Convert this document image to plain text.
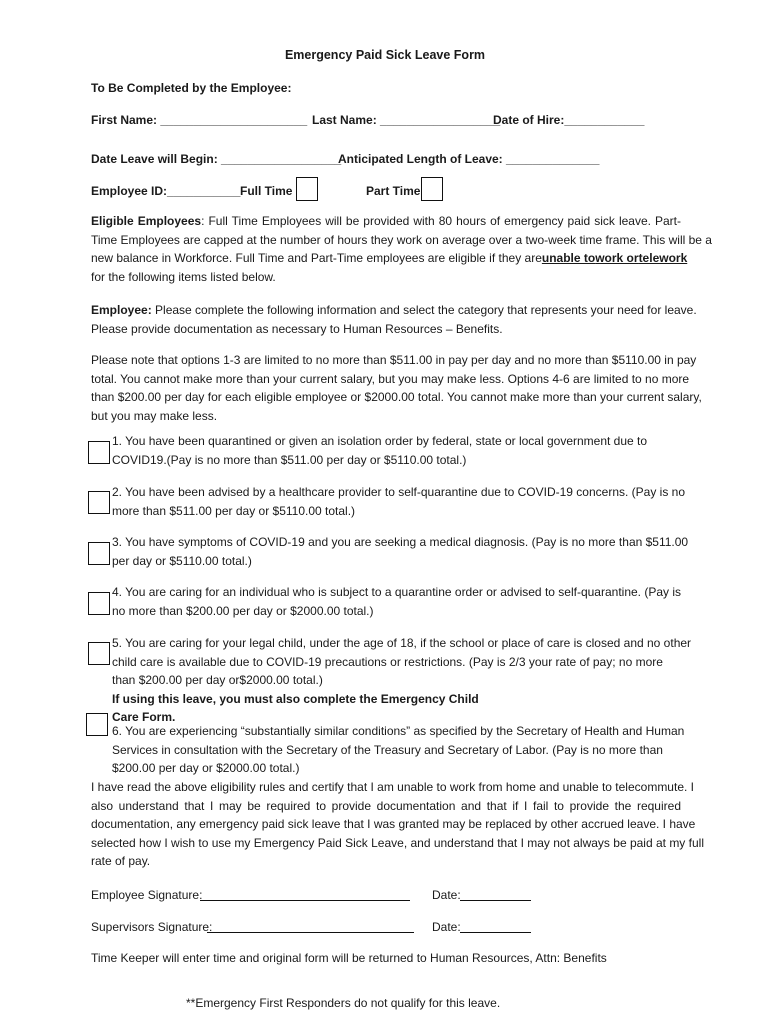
Emergency Paid Sick Leave Form
To Be Completed by the Employee:
First Name: ______________________ Last Name: __________________
Date of Hire:____________
Date Leave will Begin: __________________
Anticipated Length of Leave: ______________
Employee ID:___________ Full Time	Part Time
Eligible Employees: Full Time Employees will be provided with 80 hours of emergency paid sick leave. Part-
Time Employees are capped at the number of hours they work on average over a two-week time frame. This will be a
new balance in Workforce. Full Time and Part-Time employees are eligible if they are unable to work or telework
for the following items listed below.
Employee: Please complete the following information and select the category that represents your need for leave.
Please provide documentation as necessary to Human Resources – Benefits.
Please note that options 1-3 are limited to no more than $511.00 in pay per day and no more than $5110.00 in pay
total. You cannot make more than your current salary, but you may make less. Options 4-6 are limited to no more
than $200.00 per day for each eligible employee or $2000.00 total. You cannot make more than your current salary,
but you may make less.
1. You have been quarantined or given an isolation order by federal, state or local government due to
COVID19.(Pay is no more than $511.00 per day or $5110.00 total.)
2. You have been advised by a healthcare provider to self-quarantine due to COVID-19 concerns. (Pay is no
more than $511.00 per day or $5110.00 total.)
3. You have symptoms of COVID-19 and you are seeking a medical diagnosis. (Pay is no more than $511.00
per day or $5110.00 total.)
4. You are caring for an individual who is subject to a quarantine order or advised to self-quarantine. (Pay is
no more than $200.00 per day or $2000.00 total.)
5. You are caring for your legal child, under the age of 18, if the school or place of care is closed and no other
child care is available due to COVID-19 precautions or restrictions. (Pay is 2/3 your rate of pay; no more
than $200.00 per day or$2000.00 total.)
If using this leave, you must also complete the Emergency Child
Care Form.
6. You are experiencing “substantially similar conditions” as specified by the Secretary of Health and Human
Services in consultation with the Secretary of the Treasury and Secretary of Labor. (Pay is no more than
$200.00 per day or $2000.00 total.)
I have read the above eligibility rules and certify that I am unable to work from home and unable to telecommute. I
also understand that I may be required to provide documentation and that if I fail to provide the required
documentation, any emergency paid sick leave that I was granted may be replaced by other accrued leave. I have
selected how I wish to use my Emergency Paid Sick Leave, and understand that I may not always be paid at my full
rate of pay.
Employee Signature:	Date:
Supervisors Signature:	Date:
Time Keeper will enter time and original form will be returned to Human Resources, Attn: Benefits
**Emergency First Responders do not qualify for this leave.
